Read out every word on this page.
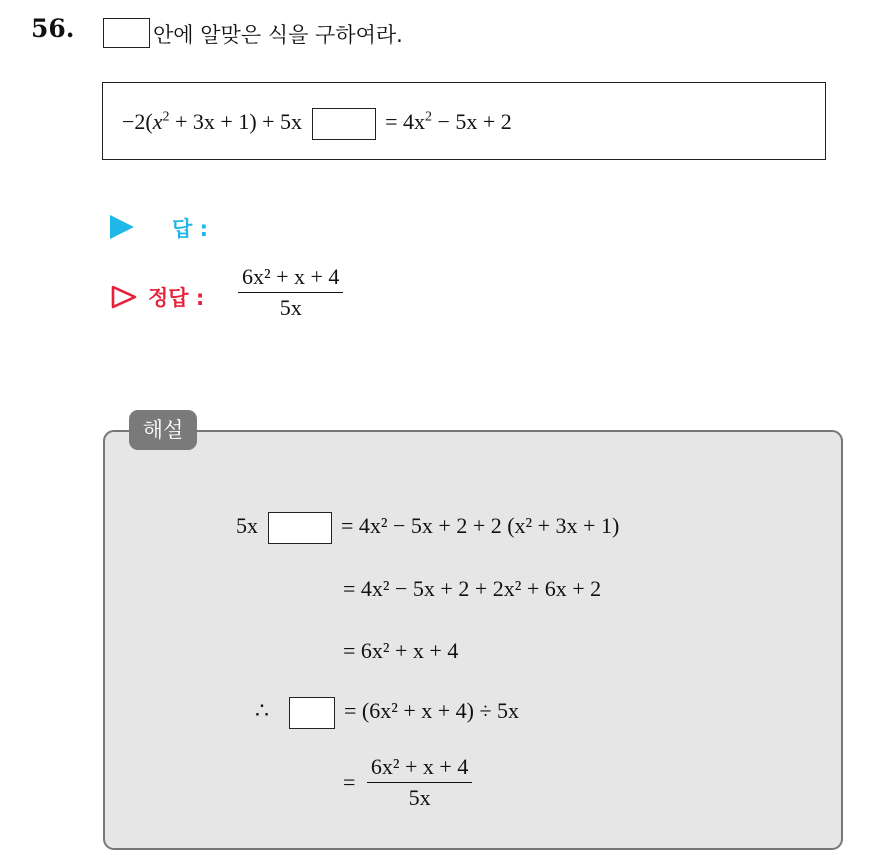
56.	안에 알맞은 식을 구하여라.
$-2(x^2 + 3x + 1) + 5x$	= $4x^2 - 5x + 2$
답 :
정답 : $\frac{\text{6x² + x + 4}}{5x}$
해설
5x	= 4x² − 5x + 2 + 2 (x² + 3x + 1)
= 4x² − 5x + 2 + 2x² + 6x + 2
= 6x² + x + 4
∴	= (6x² + x + 4) ÷ 5x
= $\frac{\text{6x² + x + 4}}{5x}$
